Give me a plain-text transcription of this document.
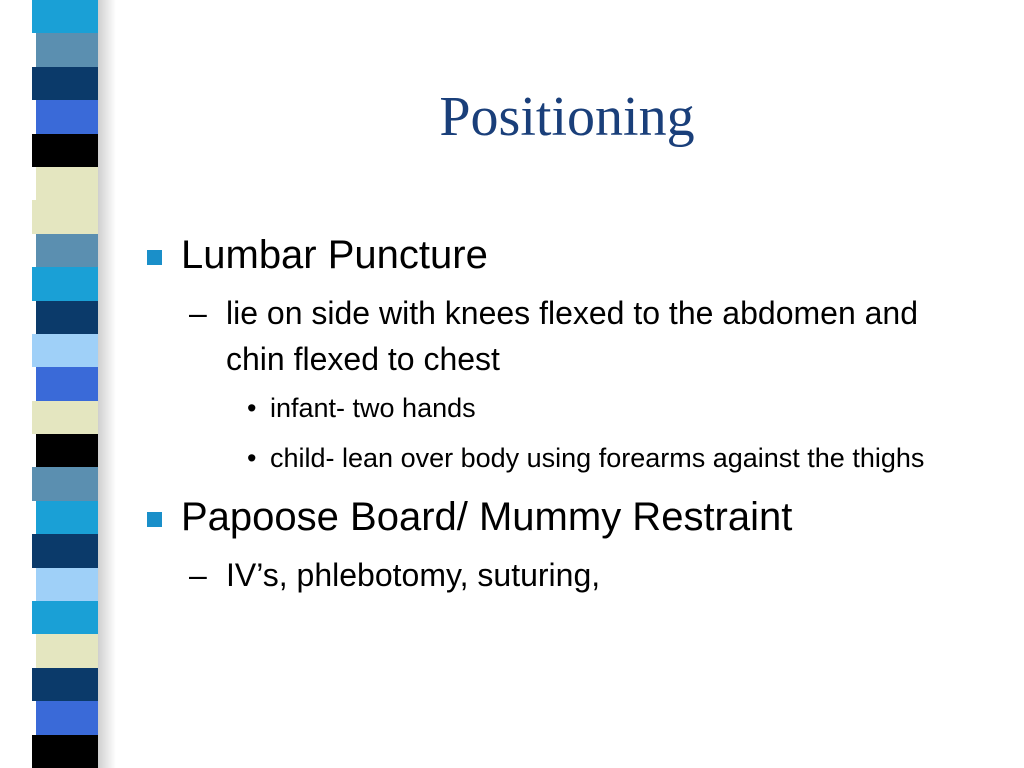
Positioning
Lumbar Puncture
– lie on side with knees flexed to the abdomen and chin flexed to chest
• infant- two hands
• child- lean over body using forearms against the thighs
Papoose Board/ Mummy Restraint
– IV’s, phlebotomy, suturing,
